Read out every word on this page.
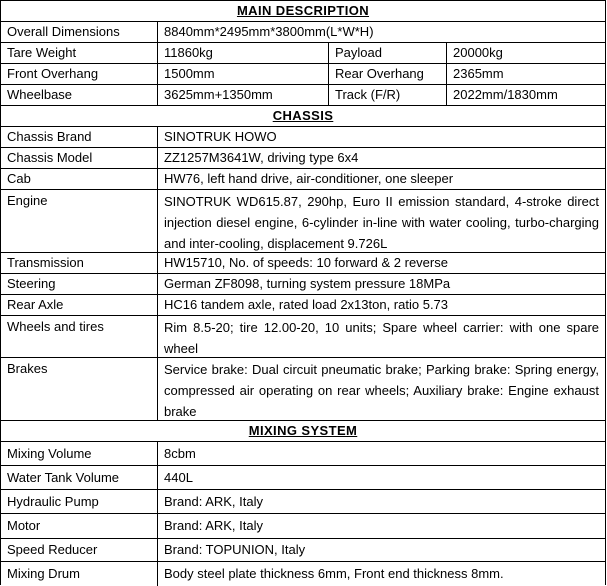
MAIN DESCRIPTION
Overall Dimensions	8840mm*2495mm*3800mm(L*W*H)
Tare Weight	11860kg	Payload	20000kg
Front Overhang	1500mm	Rear Overhang	2365mm
Wheelbase	3625mm+1350mm	Track (F/R)	2022mm/1830mm
CHASSIS
Chassis Brand	SINOTRUK HOWO
Chassis Model	ZZ1257M3641W, driving type 6x4
Cab	HW76, left hand drive, air-conditioner, one sleeper
Engine	SINOTRUK WD615.87, 290hp, Euro II emission standard, 4-stroke direct injection diesel engine, 6-cylinder in-line with water cooling, turbo-charging and inter-cooling, displacement 9.726L
Transmission	HW15710, No. of speeds: 10 forward & 2 reverse
Steering	German ZF8098, turning system pressure 18MPa
Rear Axle	HC16 tandem axle, rated load 2x13ton, ratio 5.73
Wheels and tires	Rim 8.5-20; tire 12.00-20, 10 units; Spare wheel carrier: with one spare wheel
Brakes	Service brake: Dual circuit pneumatic brake; Parking brake: Spring energy, compressed air operating on rear wheels; Auxiliary brake: Engine exhaust brake
MIXING SYSTEM
Mixing Volume	8cbm
Water Tank Volume	440L
Hydraulic Pump	Brand: ARK, Italy
Motor	Brand: ARK, Italy
Speed Reducer	Brand: TOPUNION, Italy
Mixing Drum	Body steel plate thickness 6mm, Front end thickness 8mm.
